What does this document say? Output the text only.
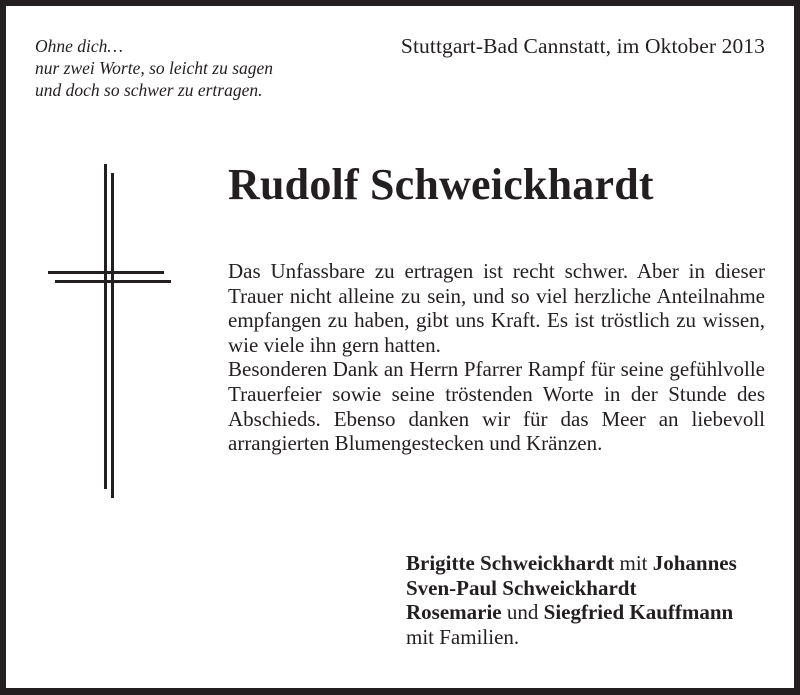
Ohne dich…
nur zwei Worte, so leicht zu sagen
und doch so schwer zu ertragen.
Stuttgart-Bad Cannstatt, im Oktober 2013
Rudolf Schweickhardt

Das Unfassbare zu ertragen ist recht schwer. Aber in dieser Trauer nicht alleine zu sein, und so viel herzliche Anteilnahme empfangen zu haben, gibt uns Kraft. Es ist tröstlich zu wissen, wie viele ihn gern hatten.

Besonderen Dank an Herrn Pfarrer Rampf für seine gefühlvolle Trauerfeier sowie seine tröstenden Worte in der Stunde des Abschieds. Ebenso danken wir für das Meer an liebevoll arrangierten Blumengestecken und Kränzen.

Brigitte Schweickhardt mit Johannes
Sven-Paul Schweickhardt
Rosemarie und Siegfried Kauffmann
mit Familien.
